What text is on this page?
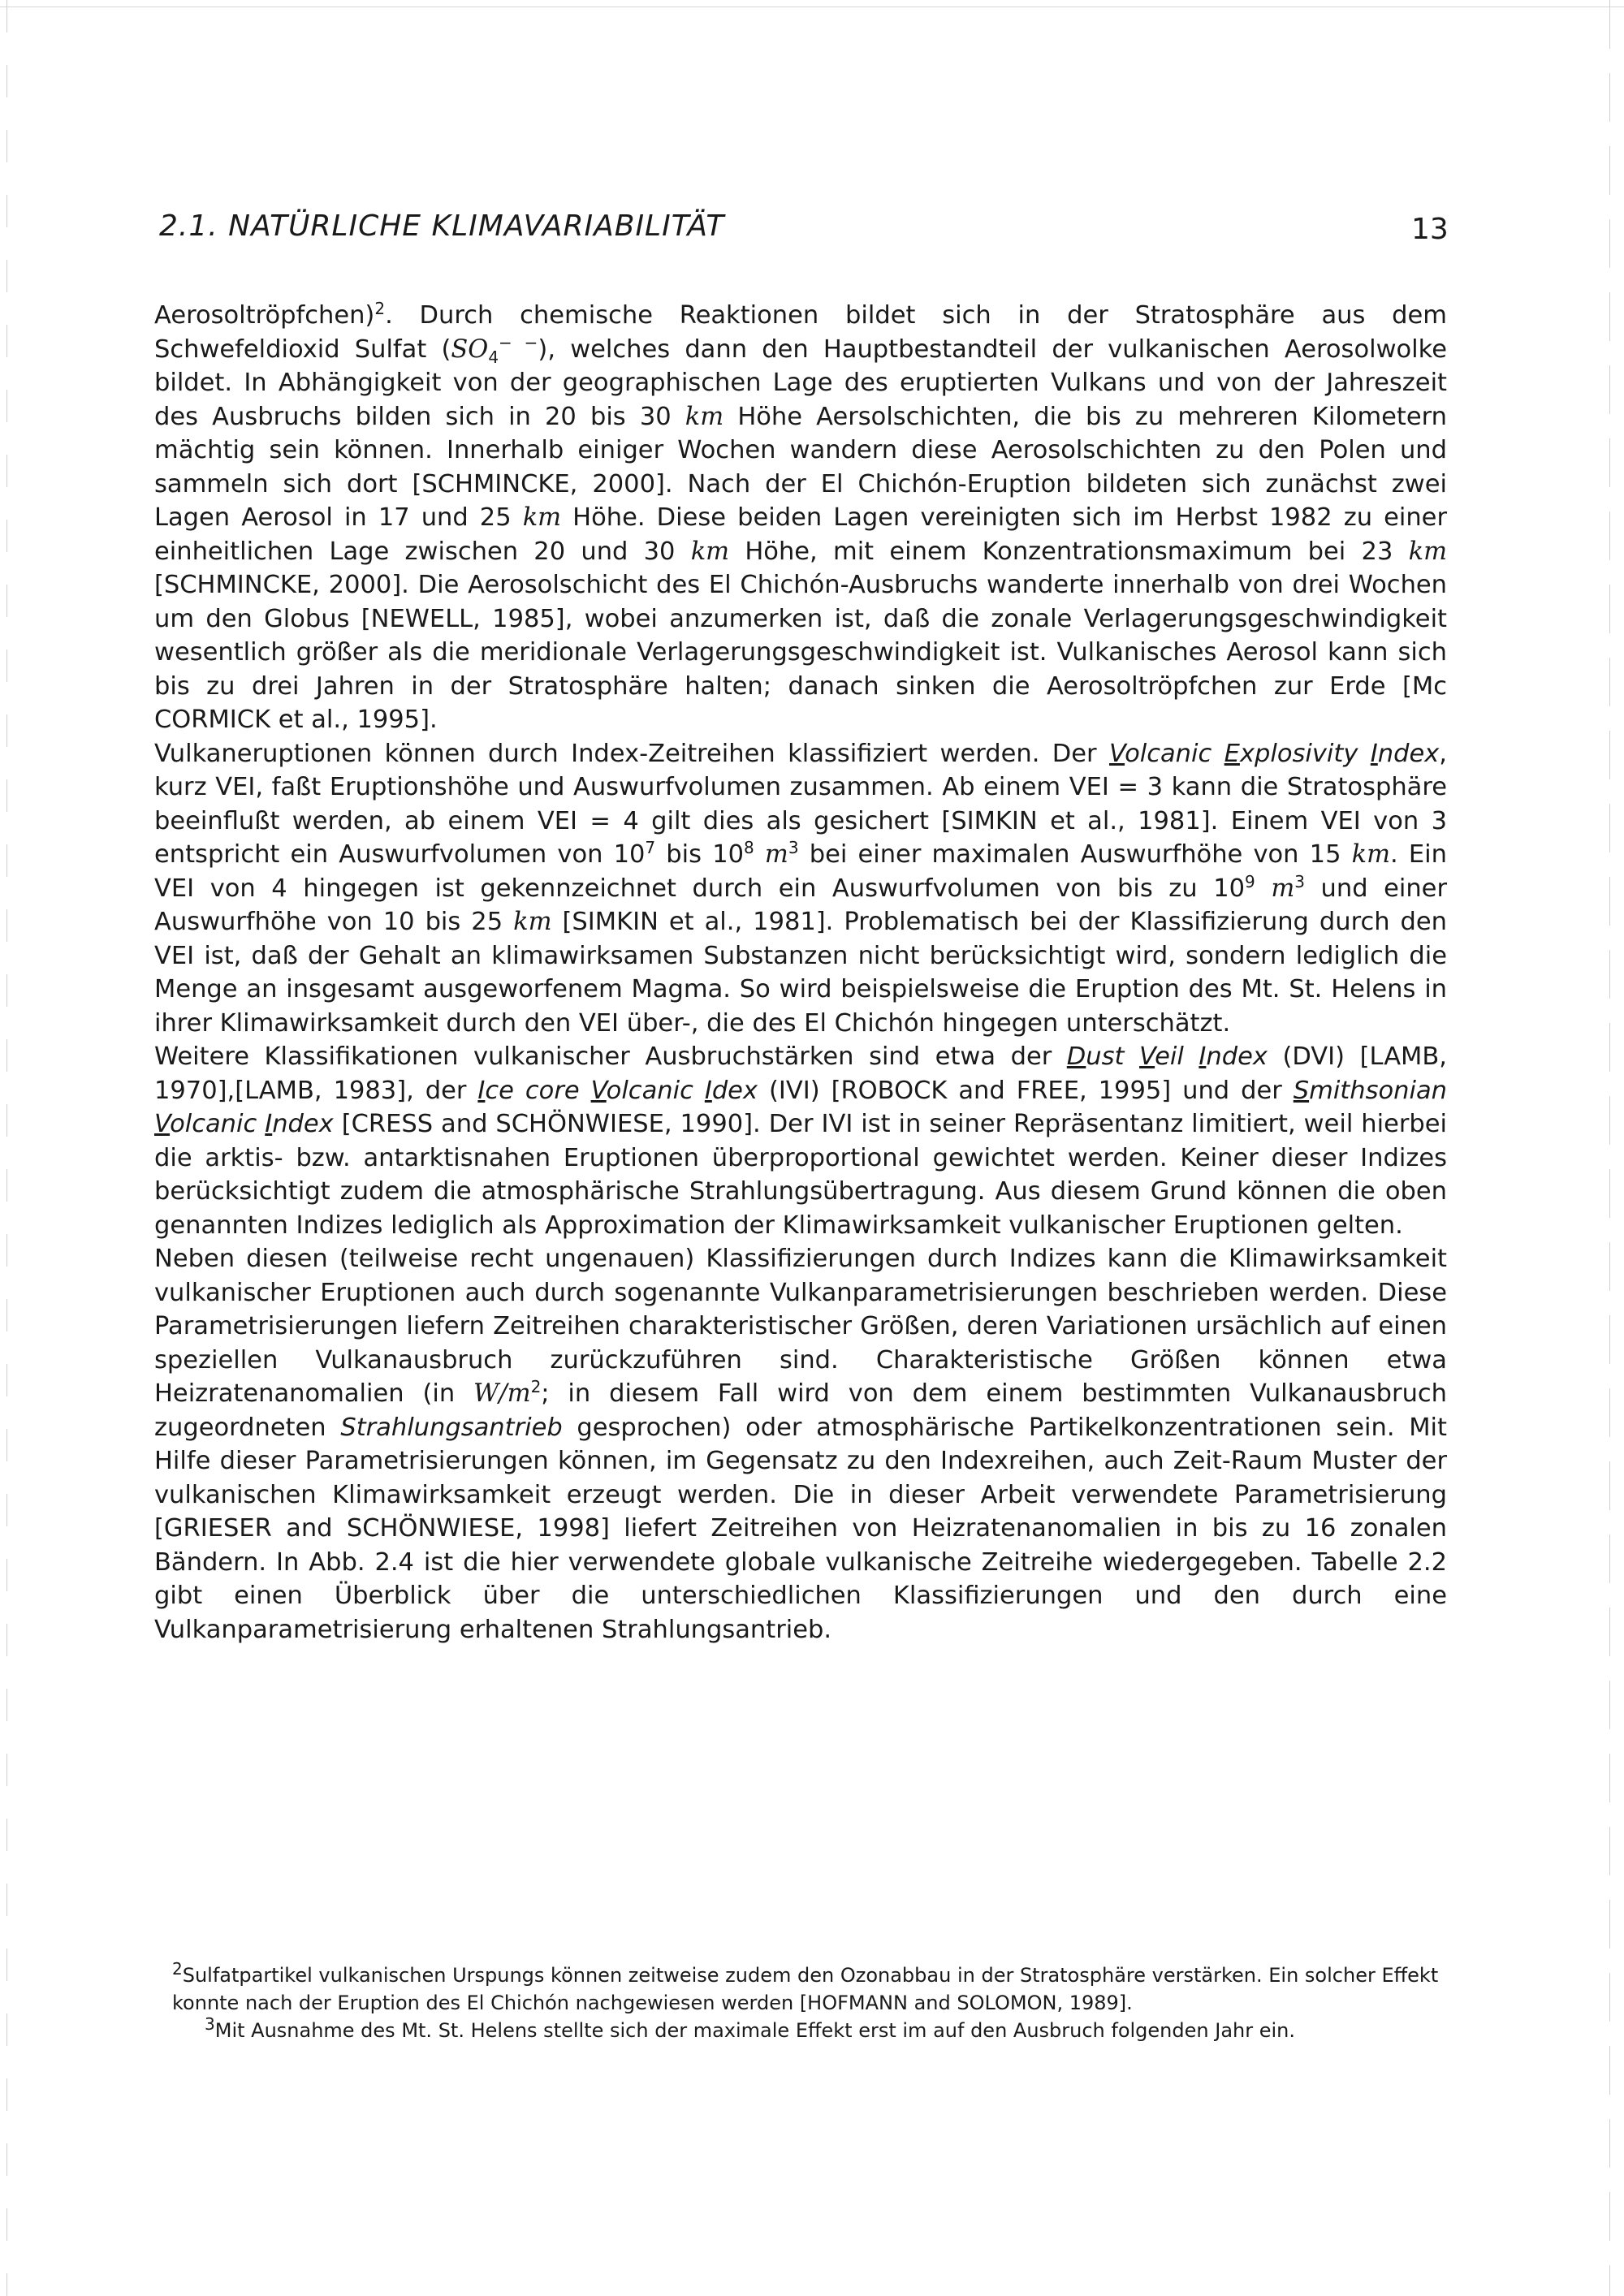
2.1. NATÜRLICHE KLIMAVARIABILITÄT	13

Aerosoltröpfchen)$^2$. Durch chemische Reaktionen bildet sich in der Stratosphäre aus dem Schwefeldioxid Sulfat $(SO_4^{- -})$, welches dann den Hauptbestandteil der vulkanischen Aerosolwolke bildet. In Abhängigkeit von der geographischen Lage des eruptierten Vulkans und von der Jahreszeit des Ausbruchs bilden sich in 20 bis 30 km Höhe Aersolschichten, die bis zu mehreren Kilometern mächtig sein können. Innerhalb einiger Wochen wandern diese Aerosolschichten zu den Polen und sammeln sich dort [SCHMINCKE, 2000]. Nach der El Chichón-Eruption bildeten sich zunächst zwei Lagen Aerosol in 17 und 25 km Höhe. Diese beiden Lagen vereinigten sich im Herbst 1982 zu einer einheitlichen Lage zwischen 20 und 30 km Höhe, mit einem Konzentrationsmaximum bei 23 km [SCHMINCKE, 2000]. Die Aerosolschicht des El Chichón-Ausbruchs wanderte innerhalb von drei Wochen um den Globus [NEWELL, 1985], wobei anzumerken ist, daß die zonale Verlagerungsgeschwindigkeit wesentlich größer als die meridionale Verlagerungsgeschwindigkeit ist. Vulkanisches Aerosol kann sich bis zu drei Jahren in der Stratosphäre halten; danach sinken die Aerosoltröpfchen zur Erde [Mc CORMICK et al., 1995].

Vulkaneruptionen können durch Index-Zeitreihen klassifiziert werden. Der Volcanic Explosivity Index, kurz VEI, faßt Eruptionshöhe und Auswurfvolumen zusammen. Ab einem VEI = 3 kann die Stratosphäre beeinflußt werden, ab einem VEI = 4 gilt dies als gesichert [SIMKIN et al., 1981]. Einem VEI von 3 entspricht ein Auswurfvolumen von $10^7$ bis $10^8$ $m^3$ bei einer maximalen Auswurfhöhe von 15 km. Ein VEI von 4 hingegen ist gekennzeichnet durch ein Auswurfvolumen von bis zu $10^9$ $m^3$ und einer Auswurfhöhe von 10 bis 25 km [SIMKIN et al., 1981]. Problematisch bei der Klassifizierung durch den VEI ist, daß der Gehalt an klimawirksamen Substanzen nicht berücksichtigt wird, sondern lediglich die Menge an insgesamt ausgeworfenem Magma. So wird beispielsweise die Eruption des Mt. St. Helens in ihrer Klimawirksamkeit durch den VEI über-, die des El Chichón hingegen unterschätzt.

Weitere Klassifikationen vulkanischer Ausbruchstärken sind etwa der Dust Veil Index (DVI) [LAMB, 1970],[LAMB, 1983], der Ice core Volcanic Idex (IVI) [ROBOCK and FREE, 1995] und der Smithsonian Volcanic Index [CRESS and SCHÖNWIESE, 1990]. Der IVI ist in seiner Repräsentanz limitiert, weil hierbei die arktis- bzw. antarktisnahen Eruptionen überproportional gewichtet werden. Keiner dieser Indizes berücksichtigt zudem die atmosphärische Strahlungsübertragung. Aus diesem Grund können die oben genannten Indizes lediglich als Approximation der Klimawirksamkeit vulkanischer Eruptionen gelten.

Neben diesen (teilweise recht ungenauen) Klassifizierungen durch Indizes kann die Klimawirksamkeit vulkanischer Eruptionen auch durch sogenannte Vulkanparametrisierungen beschrieben werden. Diese Parametrisierungen liefern Zeitreihen charakteristischer Größen, deren Variationen ursächlich auf einen speziellen Vulkanausbruch zurückzuführen sind. Charakteristische Größen können etwa Heizratenanomalien (in $W/m^2$; in diesem Fall wird von dem einem bestimmten Vulkanausbruch zugeordneten Strahlungsantrieb gesprochen) oder atmosphärische Partikelkonzentrationen sein. Mit Hilfe dieser Parametrisierungen können, im Gegensatz zu den Indexreihen, auch Zeit-Raum Muster der vulkanischen Klimawirksamkeit erzeugt werden. Die in dieser Arbeit verwendete Parametrisierung [GRIESER and SCHÖNWIESE, 1998] liefert Zeitreihen von Heizratenanomalien in bis zu 16 zonalen Bändern. In Abb. 2.4 ist die hier verwendete globale vulkanische Zeitreihe wiedergegeben. Tabelle 2.2 gibt einen Überblick über die unterschiedlichen Klassifizierungen und den durch eine Vulkanparametrisierung erhaltenen Strahlungsantrieb.

$^2$Sulfatpartikel vulkanischen Urspungs können zeitweise zudem den Ozonabbau in der Stratosphäre verstärken. Ein solcher Effekt konnte nach der Eruption des El Chichón nachgewiesen werden [HOFMANN and SOLOMON, 1989].

$^3$Mit Ausnahme des Mt. St. Helens stellte sich der maximale Effekt erst im auf den Ausbruch folgenden Jahr ein.
